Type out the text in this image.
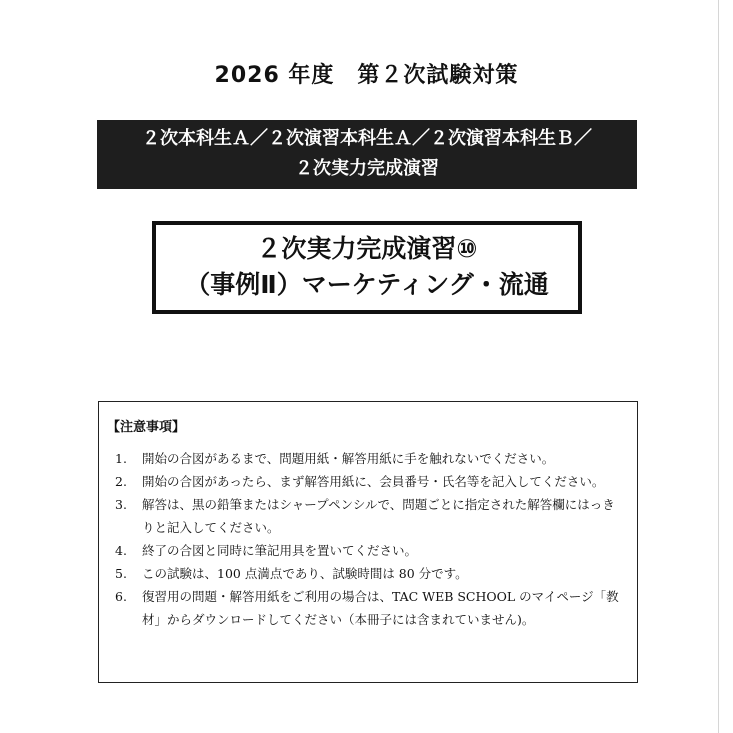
2026 年度　第２次試験対策
２次本科生Ａ／２次演習本科生Ａ／２次演習本科生Ｂ／
２次実力完成演習
２次実力完成演習⑩
（事例Ⅱ）マーケティング・流通
【注意事項】
1.	開始の合図があるまで、問題用紙・解答用紙に手を触れないでください。
2.	開始の合図があったら、まず解答用紙に、会員番号・氏名等を記入してください。
3.	解答は、黒の鉛筆またはシャープペンシルで、問題ごとに指定された解答欄にはっきりと記入してください。
4.	終了の合図と同時に筆記用具を置いてください。
5.	この試験は、100 点満点であり、試験時間は 80 分です。
6.	復習用の問題・解答用紙をご利用の場合は、TAC WEB SCHOOL のマイページ「教材」からダウンロードしてください（本冊子には含まれていません)。
